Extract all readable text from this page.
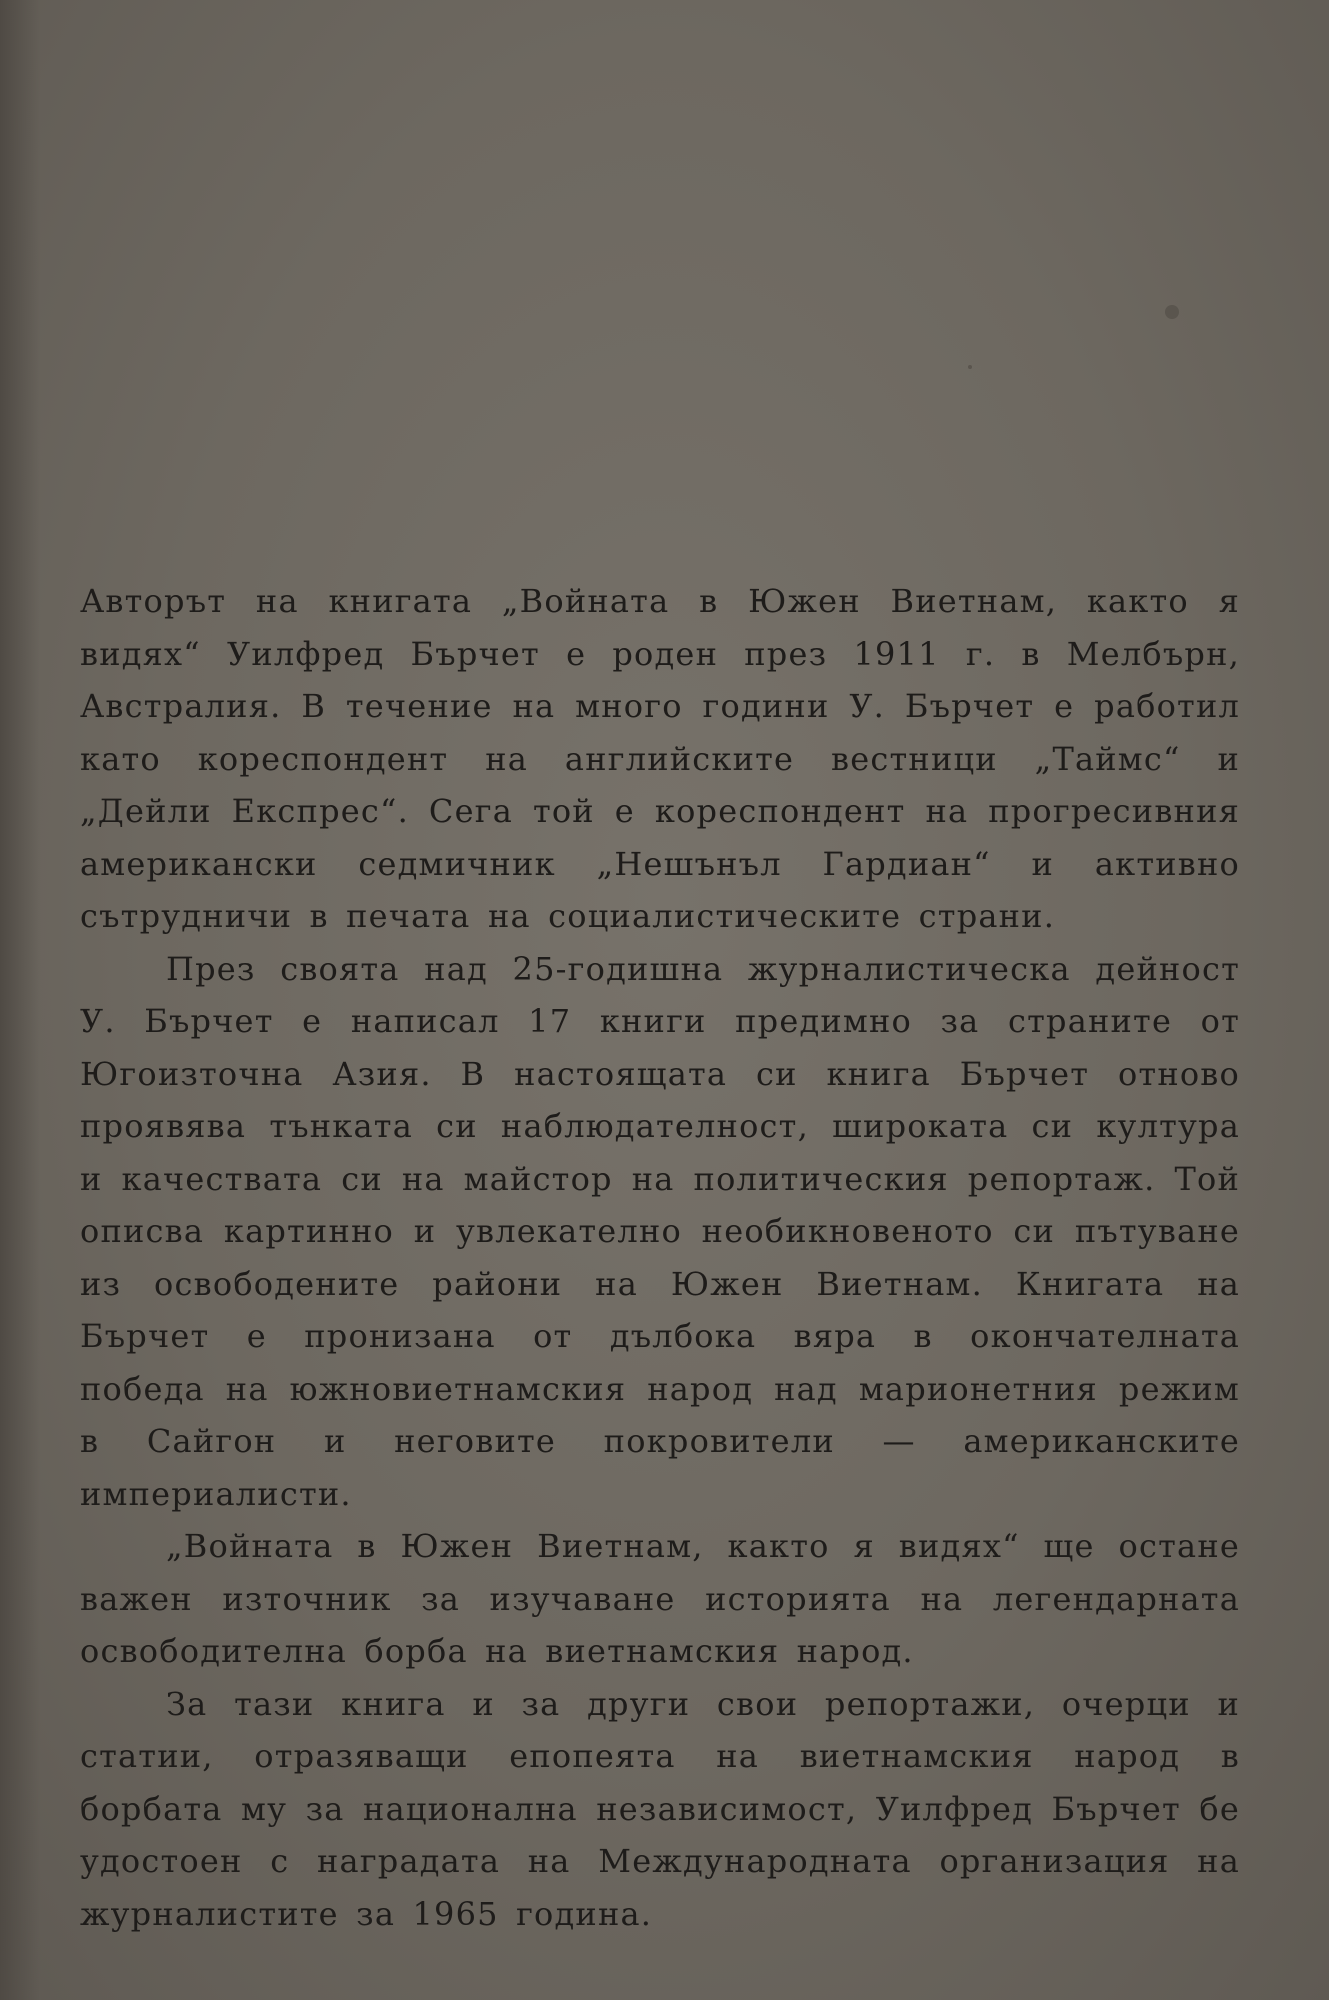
Авторът на книгата „Войната в Южен Виетнам, както я видях“ Уилфред Бърчет е роден през 1911 г. в Мелбърн, Австралия. В течение на много години У. Бърчет е работил като кореспондент на английските вестници „Таймс“ и „Дейли Експрес“. Сега той е кореспондент на прогресивния американски седмичник „Нешънъл Гардиан“ и активно сътрудничи в печата на социалистическите страни.

През своята над 25-годишна журналистическа дейност У. Бърчет е написал 17 книги предимно за страните от Югоизточна Азия. В настоящата си книга Бърчет отново проявява тънката си наблюдателност, широката си култура и качествата си на майстор на политическия репортаж. Той описва картинно и увлекателно необикновеното си пътуване из освободените райони на Южен Виетнам. Книгата на Бърчет е пронизана от дълбока вяра в окончателната победа на южновиетнамския народ над марионетния режим в Сайгон и неговите покровители — американските империалисти.

„Войната в Южен Виетнам, както я видях“ ще остане важен източник за изучаване историята на легендарната освободителна борба на виетнамския народ.

За тази книга и за други свои репортажи, очерци и статии, отразяващи епопеята на виетнамския народ в борбата му за национална независимост, Уилфред Бърчет бе удостоен с наградата на Международната организация на журналистите за 1965 година.
